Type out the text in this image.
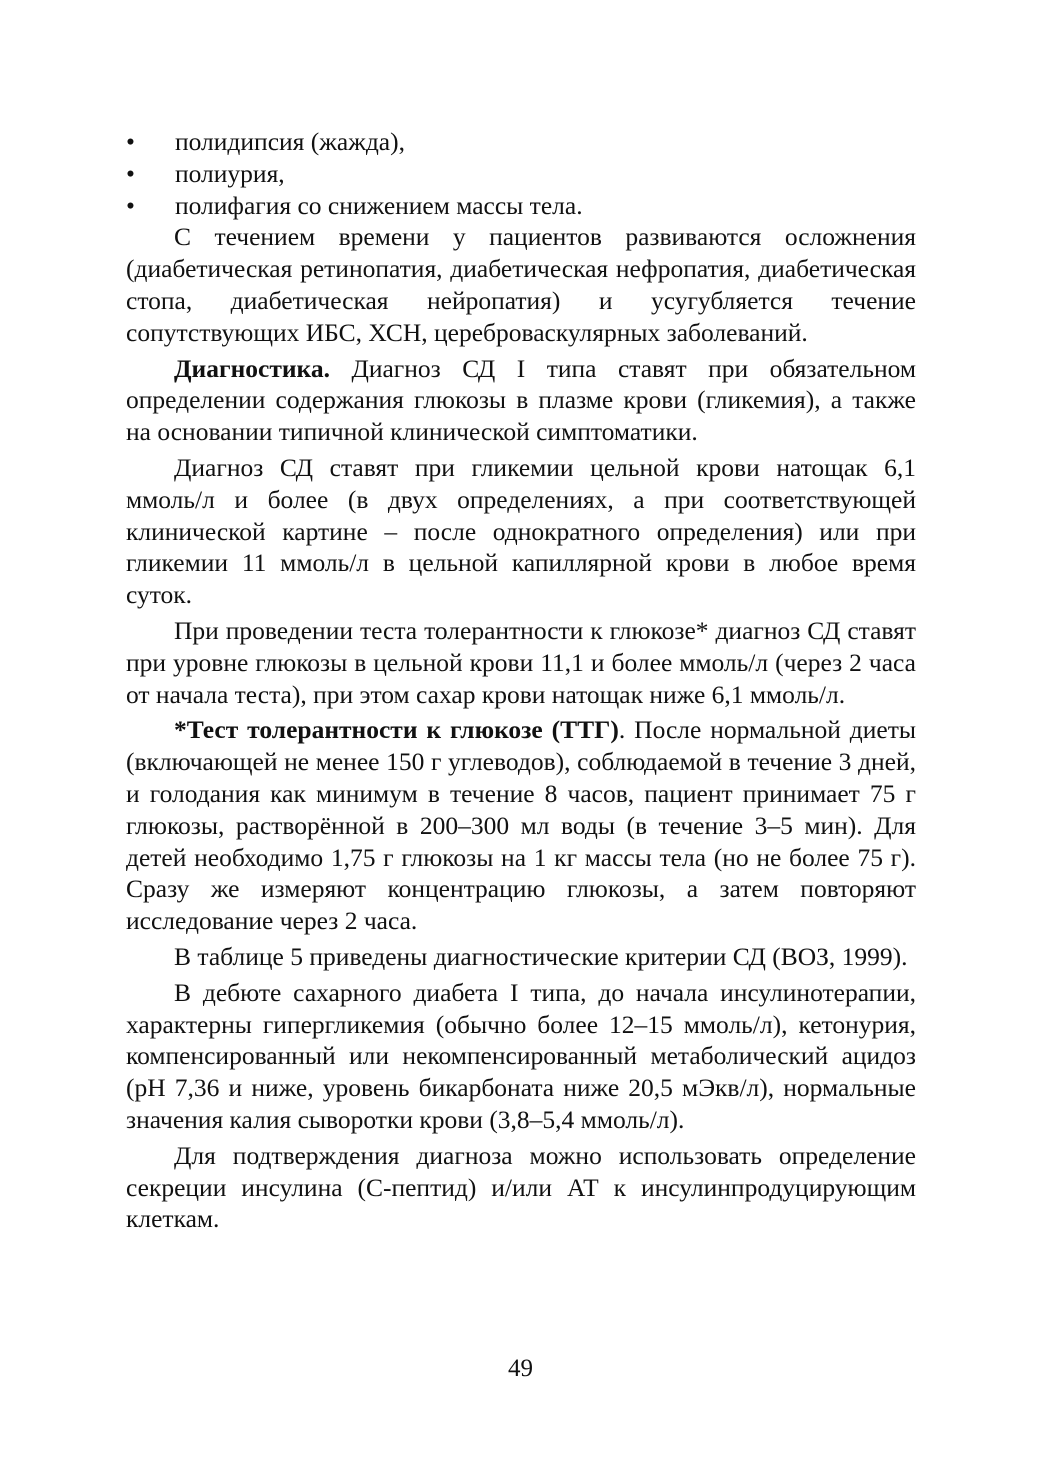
•	полидипсия (жажда),
•	полиурия,
•	полифагия со снижением массы тела.

С течением времени у пациентов развиваются осложнения (диабетическая ретинопатия, диабетическая нефропатия, диабетическая стопа, диабетическая нейропатия) и усугубляется течение сопутствующих ИБС, ХСН, цереброваскулярных заболеваний.

Диагностика. Диагноз СД I типа ставят при обязательном определении содержания глюкозы в плазме крови (гликемия), а также на основании типичной клинической симптоматики.

Диагноз СД ставят при гликемии цельной крови натощак 6,1 ммоль/л и более (в двух определениях, а при соответствующей клинической картине – после однократного определения) или при гликемии 11 ммоль/л в цельной капиллярной крови в любое время суток.

При проведении теста толерантности к глюкозе* диагноз СД ставят при уровне глюкозы в цельной крови 11,1 и более ммоль/л (через 2 часа от начала теста), при этом сахар крови натощак ниже 6,1 ммоль/л.

*Тест толерантности к глюкозе (ТТГ). После нормальной диеты (включающей не менее 150 г углеводов), соблюдаемой в течение 3 дней, и голодания как минимум в течение 8 часов, пациент принимает 75 г глюкозы, растворённой в 200–300 мл воды (в течение 3–5 мин). Для детей необходимо 1,75 г глюкозы на 1 кг массы тела (но не более 75 г). Сразу же измеряют концентрацию глюкозы, а затем повторяют исследование через 2 часа.

В таблице 5 приведены диагностические критерии СД (ВОЗ, 1999).

В дебюте сахарного диабета I типа, до начала инсулинотерапии, характерны гипергликемия (обычно более 12–15 ммоль/л), кетонурия, компенсированный или некомпенсированный метаболический ацидоз (рН 7,36 и ниже, уровень бикарбоната ниже 20,5 мЭкв/л), нормальные значения калия сыворотки крови (3,8–5,4 ммоль/л).

Для подтверждения диагноза можно использовать определение секреции инсулина (С-пептид) и/или АТ к инсулинпродуцирующим клеткам.

49
